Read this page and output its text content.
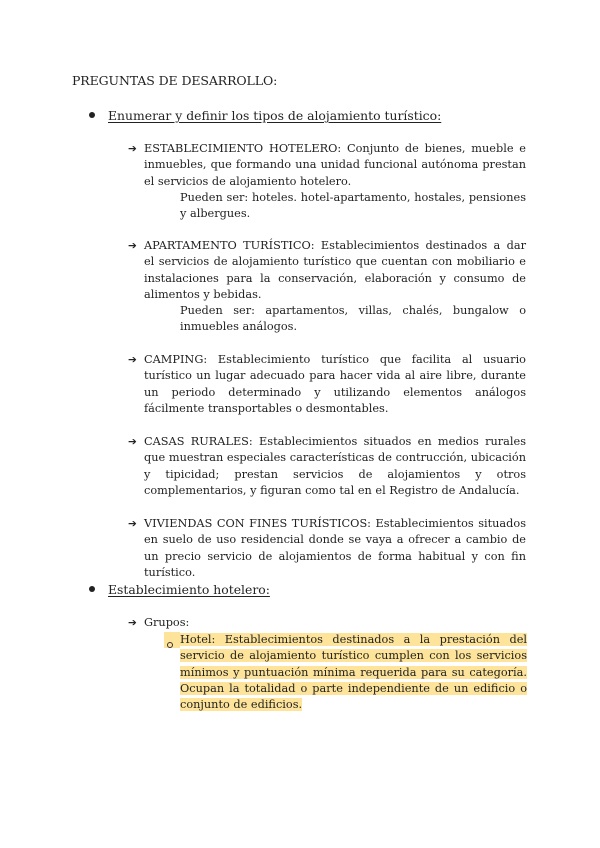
PREGUNTAS DE DESARROLLO:
Enumerar y definir los tipos de alojamiento turístico:
➔ ESTABLECIMIENTO HOTELERO: Conjunto de bienes, mueble e inmuebles, que formando una unidad funcional autónoma prestan el servicios de alojamiento hotelero.
Pueden ser: hoteles. hotel-apartamento, hostales, pensiones y albergues.
➔ APARTAMENTO TURÍSTICO: Establecimientos destinados a dar el servicios de alojamiento turístico que cuentan con mobiliario e instalaciones para la conservación, elaboración y consumo de alimentos y bebidas.
Pueden ser: apartamentos, villas, chalés, bungalow o inmuebles análogos.
➔ CAMPING: Establecimiento turístico que facilita al usuario turístico un lugar adecuado para hacer vida al aire libre, durante un periodo determinado y utilizando elementos análogos fácilmente transportables o desmontables.
➔ CASAS RURALES: Establecimientos situados en medios rurales que muestran especiales características de contrucción, ubicación y tipicidad; prestan servicios de alojamientos y otros complementarios, y figuran como tal en el Registro de Andalucía.
➔ VIVIENDAS CON FINES TURÍSTICOS: Establecimientos situados en suelo de uso residencial donde se vaya a ofrecer a cambio de un precio servicio de alojamientos de forma habitual y con fin turístico.
Establecimiento hotelero:
➔ Grupos:
Hotel: Establecimientos destinados a la prestación del servicio de alojamiento turístico cumplen con los servicios mínimos y puntuación mínima requerida para su categoría. Ocupan la totalidad o parte independiente de un edificio o conjunto de edificios.
